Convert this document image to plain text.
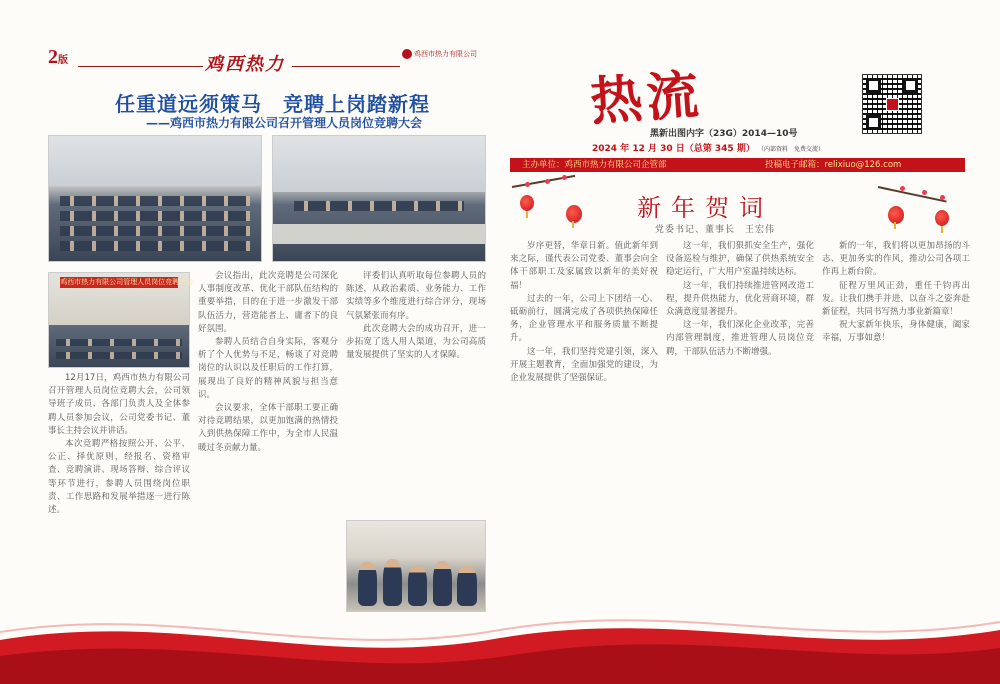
2版	鸡西热力	鸡西市热力有限公司
任重道远须策马　竞聘上岗踏新程
——鸡西市热力有限公司召开管理人员岗位竞聘大会
鸡西市热力有限公司管理人员岗位竞聘大会

12月17日，鸡西市热力有限公司召开管理人员岗位竞聘大会，公司领导班子成员、各部门负责人及全体参聘人员参加会议，公司党委书记、董事长主持会议并讲话。

本次竞聘严格按照公开、公平、公正、择优原则，经报名、资格审查、竞聘演讲、现场答辩、综合评议等环节进行，参聘人员围绕岗位职责、工作思路和发展举措逐一进行陈述。

会议指出，此次竞聘是公司深化人事制度改革、优化干部队伍结构的重要举措，目的在于进一步激发干部队伍活力，营造能者上、庸者下的良好氛围。

参聘人员结合自身实际，客观分析了个人优势与不足，畅谈了对竞聘岗位的认识以及任职后的工作打算，展现出了良好的精神风貌与担当意识。

会议要求，全体干部职工要正确对待竞聘结果，以更加饱满的热情投入到供热保障工作中，为全市人民温暖过冬贡献力量。

评委们认真听取每位参聘人员的陈述，从政治素质、业务能力、工作实绩等多个维度进行综合评分，现场气氛紧张而有序。

此次竞聘大会的成功召开，进一步拓宽了选人用人渠道，为公司高质量发展提供了坚实的人才保障。

热流
黑新出图内字（23G）2014—10号
2024 年 12 月 30 日（总第 345 期） （内部资料　免费交流）
主办单位：鸡西市热力有限公司企管部	投稿电子邮箱：relixiuo@126.com
新年贺词
党委书记、董事长　王宏伟

岁序更替，华章日新。值此新年到来之际，谨代表公司党委、董事会向全体干部职工及家属致以新年的美好祝福！

过去的一年，公司上下团结一心、砥砺前行，圆满完成了各项供热保障任务，企业管理水平和服务质量不断提升。

这一年，我们坚持党建引领，深入开展主题教育，全面加强党的建设，为企业发展提供了坚强保证。

这一年，我们狠抓安全生产，强化设备巡检与维护，确保了供热系统安全稳定运行，广大用户室温持续达标。

这一年，我们持续推进管网改造工程，提升供热能力，优化营商环境，群众满意度显著提升。

这一年，我们深化企业改革，完善内部管理制度，推进管理人员岗位竞聘，干部队伍活力不断增强。

新的一年，我们将以更加昂扬的斗志、更加务实的作风，推动公司各项工作再上新台阶。

征程万里风正劲，重任千钧再出发。让我们携手并进，以奋斗之姿奔赴新征程，共同书写热力事业新篇章！

祝大家新年快乐，身体健康，阖家幸福，万事如意！
